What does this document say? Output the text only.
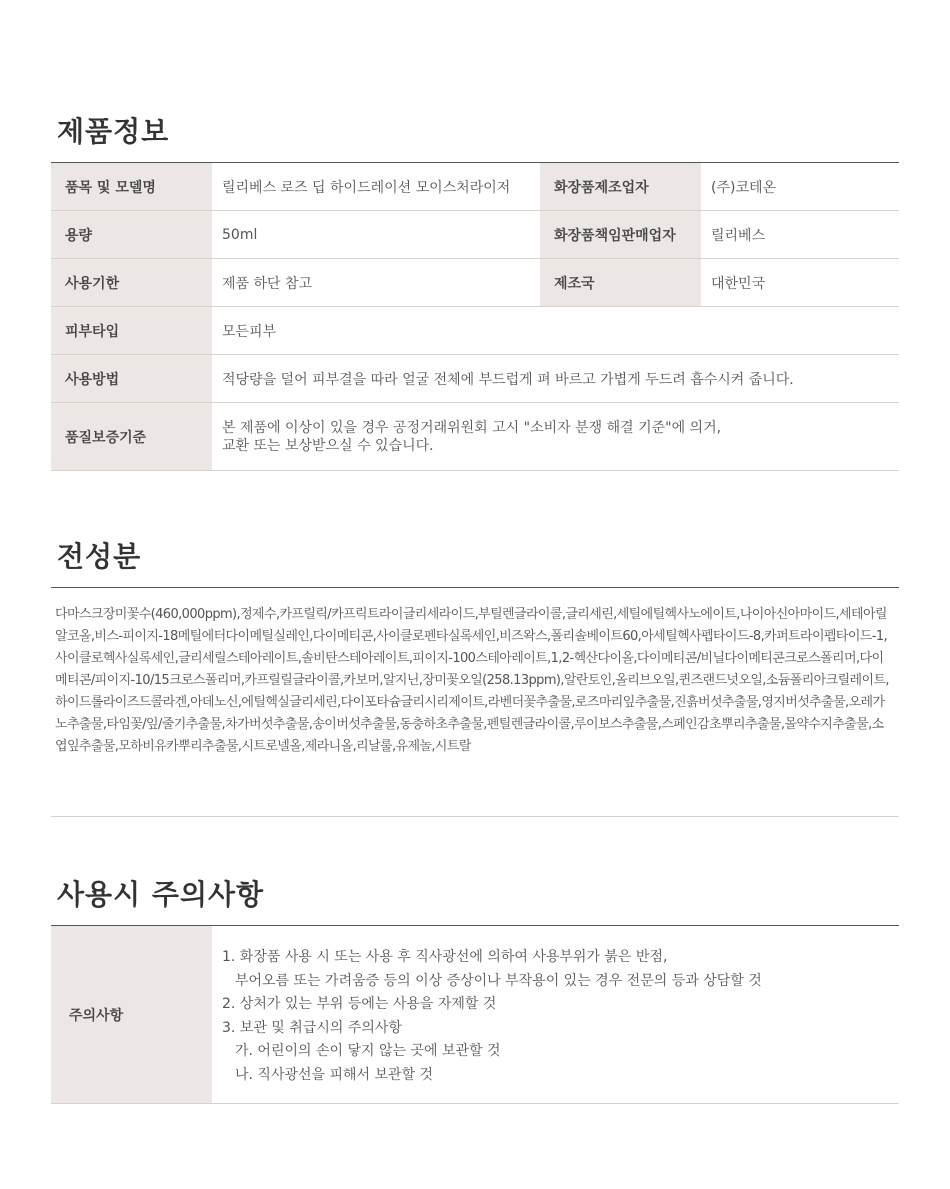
제품정보
품목 및 모델명	릴리베스 로즈 딥 하이드레이션 모이스처라이저	화장품제조업자	(주)코테온
용량	50ml	화장품책임판매업자	릴리베스
사용기한	제품 하단 참고	제조국	대한민국
피부타입	모든피부		
사용방법	적당량을 덜어 피부결을 따라 얼굴 전체에 부드럽게 펴 바르고 가볍게 두드려 흡수시켜 줍니다.		
품질보증기준	본 제품에 이상이 있을 경우 공정거래위원회 고시 "소비자 분쟁 해결 기준"에 의거,
교환 또는 보상받으실 수 있습니다.		
전성분

다마스크장미꽃수(460,000ppm),정제수,카프릴릭/카프릭트라이글리세라이드,부틸렌글라이콜,글리세린,세틸에틸헥사노에이트,나이아신아마이드,세테아릴알코올,비스-피이지-18메틸에터다이메틸실레인,다이메티콘,사이클로펜타실록세인,비즈왁스,폴리솔베이트60,아세틸헥사펩타이드-8,카퍼트라이펩타이드-1,사이클로헥사실록세인,글리세릴스테아레이트,솔비탄스테아레이트,피이지-100스테아레이트,1,2-헥산다이올,다이메티콘/비닐다이메티콘크로스폴리머,다이메티콘/피이지-10/15크로스폴리머,카프릴릴글라이콜,카보머,알지닌,장미꽃오일(258.13ppm),알란토인,올리브오일,퀸즈랜드넛오일,소듐폴리아크릴레이트,하이드롤라이즈드콜라겐,아데노신,에틸헥실글리세린,다이포타슘글리시리제이트,라벤더꽃추출물,로즈마리잎추출물,진흙버섯추출물,영지버섯추출물,오레가노추출물,타임꽃/잎/줄기추출물,차가버섯추출물,송이버섯추출물,동충하초추출물,펜틸렌글라이콜,루이보스추출물,스페인감초뿌리추출물,몰약수지추출물,소엽잎추출물,모하비유카뿌리추출물,시트로넬올,제라니올,리날룰,유제놀,시트랄

사용시 주의사항
주의사항
1. 화장품 사용 시 또는 사용 후 직사광선에 의하여 사용부위가 붉은 반점,
부어오름 또는 가려움증 등의 이상 증상이나 부작용이 있는 경우 전문의 등과 상담할 것
2. 상처가 있는 부위 등에는 사용을 자제할 것
3. 보관 및 취급시의 주의사항
가. 어린이의 손이 닿지 않는 곳에 보관할 것
나. 직사광선을 피해서 보관할 것
